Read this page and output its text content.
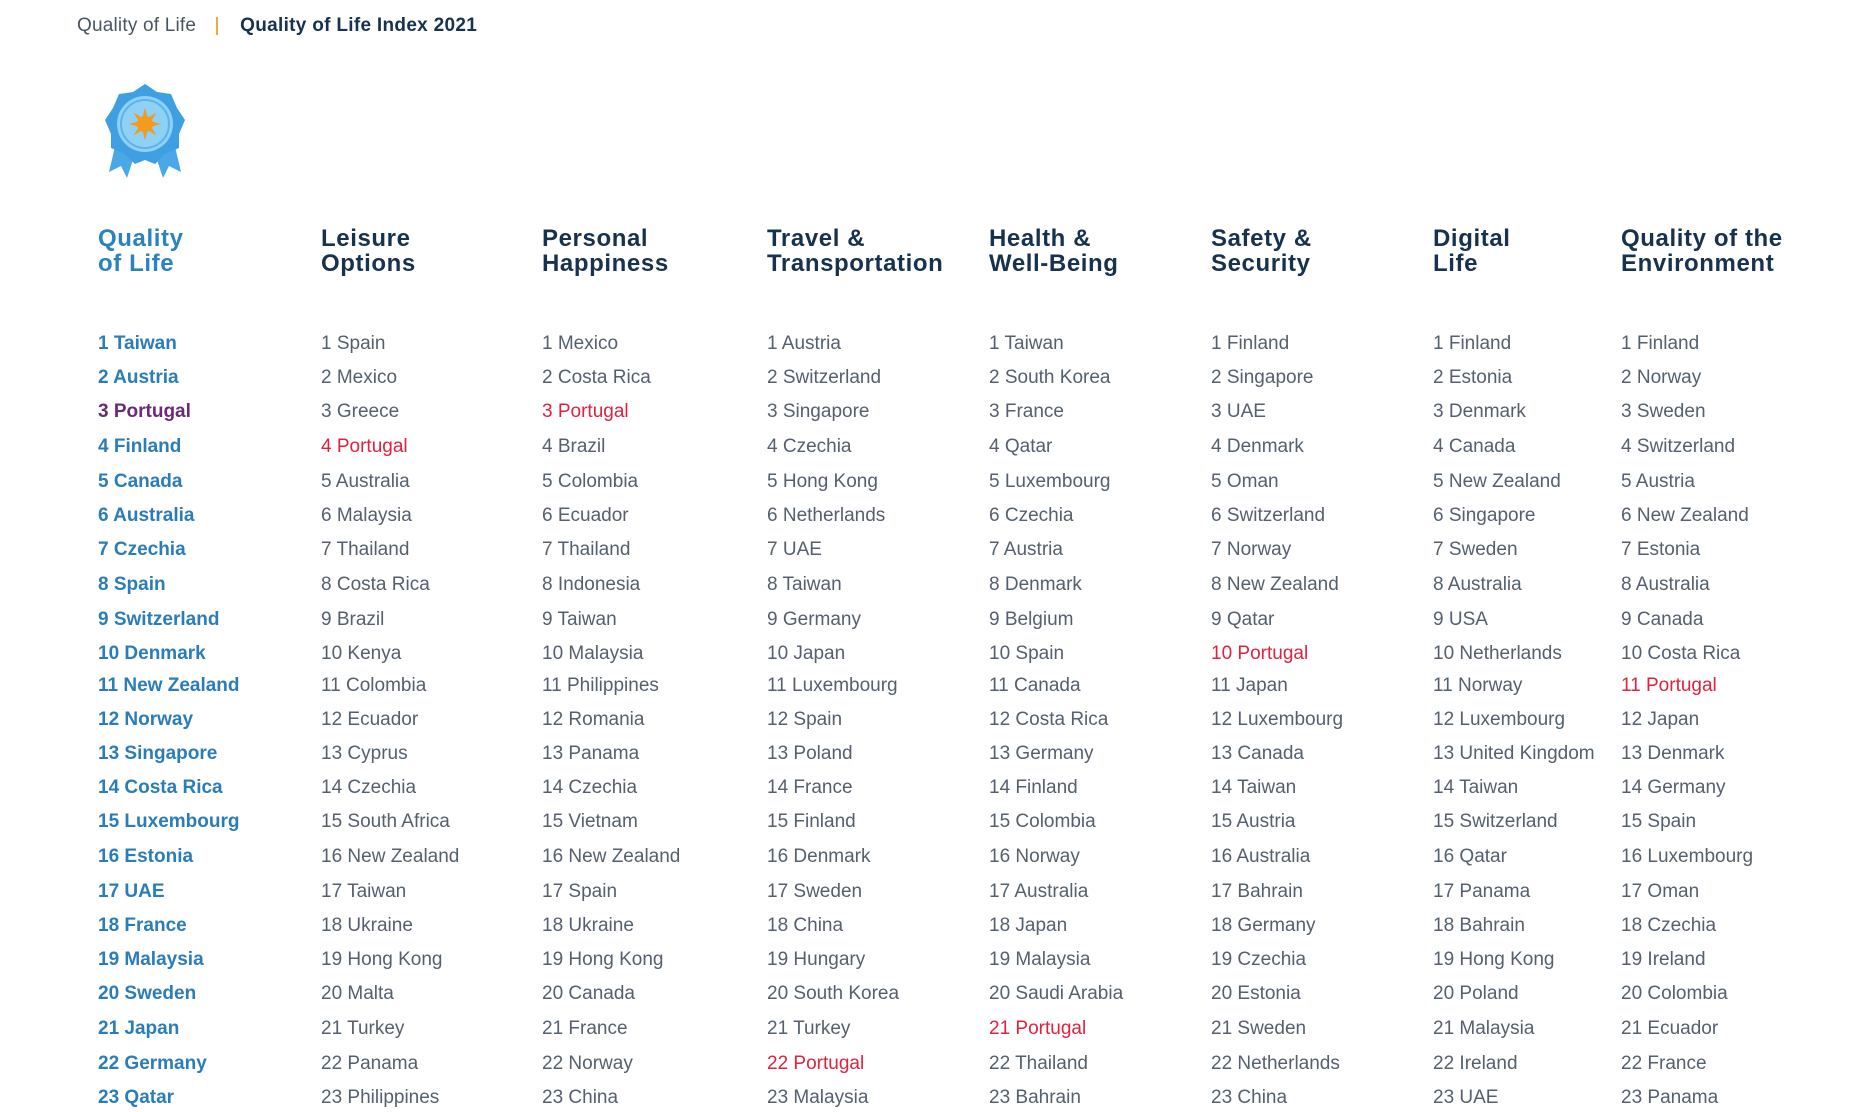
Quality of Life Quality of Life Index 2021
Quality
of Life
1 Taiwan
2 Austria
3 Portugal
4 Finland
5 Canada
6 Australia
7 Czechia
8 Spain
9 Switzerland
10 Denmark
11 New Zealand
12 Norway
13 Singapore
14 Costa Rica
15 Luxembourg
16 Estonia
17 UAE
18 France
19 Malaysia
20 Sweden
21 Japan
22 Germany
23 Qatar
Leisure
Options
1 Spain
2 Mexico
3 Greece
4 Portugal
5 Australia
6 Malaysia
7 Thailand
8 Costa Rica
9 Brazil
10 Kenya
11 Colombia
12 Ecuador
13 Cyprus
14 Czechia
15 South Africa
16 New Zealand
17 Taiwan
18 Ukraine
19 Hong Kong
20 Malta
21 Turkey
22 Panama
23 Philippines
Personal
Happiness
1 Mexico
2 Costa Rica
3 Portugal
4 Brazil
5 Colombia
6 Ecuador
7 Thailand
8 Indonesia
9 Taiwan
10 Malaysia
11 Philippines
12 Romania
13 Panama
14 Czechia
15 Vietnam
16 New Zealand
17 Spain
18 Ukraine
19 Hong Kong
20 Canada
21 France
22 Norway
23 China
Travel &
Transportation
1 Austria
2 Switzerland
3 Singapore
4 Czechia
5 Hong Kong
6 Netherlands
7 UAE
8 Taiwan
9 Germany
10 Japan
11 Luxembourg
12 Spain
13 Poland
14 France
15 Finland
16 Denmark
17 Sweden
18 China
19 Hungary
20 South Korea
21 Turkey
22 Portugal
23 Malaysia
Health &
Well-Being
1 Taiwan
2 South Korea
3 France
4 Qatar
5 Luxembourg
6 Czechia
7 Austria
8 Denmark
9 Belgium
10 Spain
11 Canada
12 Costa Rica
13 Germany
14 Finland
15 Colombia
16 Norway
17 Australia
18 Japan
19 Malaysia
20 Saudi Arabia
21 Portugal
22 Thailand
23 Bahrain
Safety &
Security
1 Finland
2 Singapore
3 UAE
4 Denmark
5 Oman
6 Switzerland
7 Norway
8 New Zealand
9 Qatar
10 Portugal
11 Japan
12 Luxembourg
13 Canada
14 Taiwan
15 Austria
16 Australia
17 Bahrain
18 Germany
19 Czechia
20 Estonia
21 Sweden
22 Netherlands
23 China
Digital
Life
1 Finland
2 Estonia
3 Denmark
4 Canada
5 New Zealand
6 Singapore
7 Sweden
8 Australia
9 USA
10 Netherlands
11 Norway
12 Luxembourg
13 United Kingdom
14 Taiwan
15 Switzerland
16 Qatar
17 Panama
18 Bahrain
19 Hong Kong
20 Poland
21 Malaysia
22 Ireland
23 UAE
Quality of the
Environment
1 Finland
2 Norway
3 Sweden
4 Switzerland
5 Austria
6 New Zealand
7 Estonia
8 Australia
9 Canada
10 Costa Rica
11 Portugal
12 Japan
13 Denmark
14 Germany
15 Spain
16 Luxembourg
17 Oman
18 Czechia
19 Ireland
20 Colombia
21 Ecuador
22 France
23 Panama
